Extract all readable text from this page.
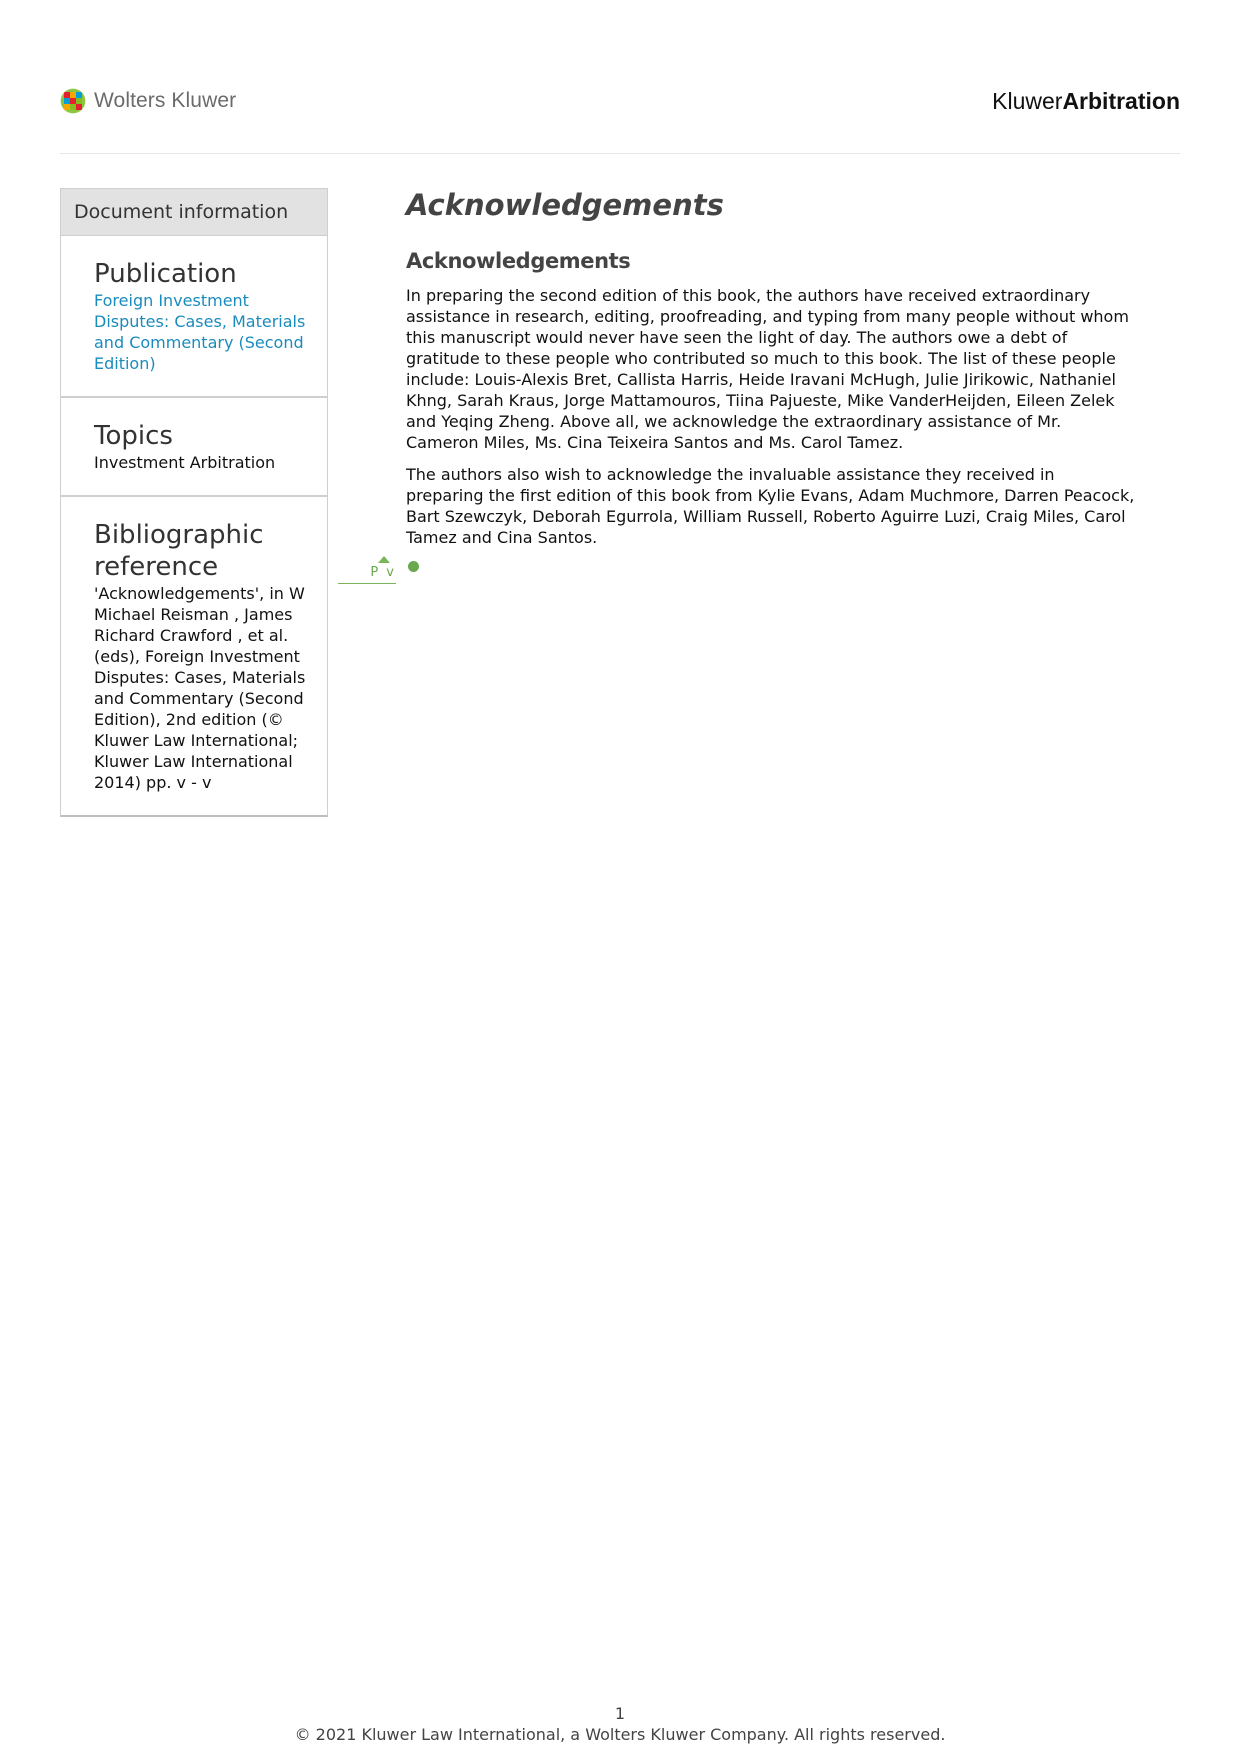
Wolters Kluwer	KluwerArbitration
Document information
Publication
Foreign Investment Disputes: Cases, Materials and Commentary (Second Edition)
Topics
Investment Arbitration
Bibliographic reference
'Acknowledgements', in W Michael Reisman , James Richard Crawford , et al. (eds), Foreign Investment Disputes: Cases, Materials and Commentary (Second Edition), 2nd edition (© Kluwer Law International; Kluwer Law International 2014) pp. v - v
Acknowledgements
Acknowledgements

In preparing the second edition of this book, the authors have received extraordinary assistance in research, editing, proofreading, and typing from many people without whom this manuscript would never have seen the light of day. The authors owe a debt of gratitude to these people who contributed so much to this book. The list of these people include: Louis-Alexis Bret, Callista Harris, Heide Iravani McHugh, Julie Jirikowic, Nathaniel Khng, Sarah Kraus, Jorge Mattamouros, Tiina Pajueste, Mike VanderHeijden, Eileen Zelek and Yeqing Zheng. Above all, we acknowledge the extraordinary assistance of Mr. Cameron Miles, Ms. Cina Teixeira Santos and Ms. Carol Tamez.

The authors also wish to acknowledge the invaluable assistance they received in preparing the first edition of this book from Kylie Evans, Adam Muchmore, Darren Peacock, Bart Szewczyk, Deborah Egurrola, William Russell, Roberto Aguirre Luzi, Craig Miles, Carol Tamez and Cina Santos.

P v
1
© 2021 Kluwer Law International, a Wolters Kluwer Company. All rights reserved.
